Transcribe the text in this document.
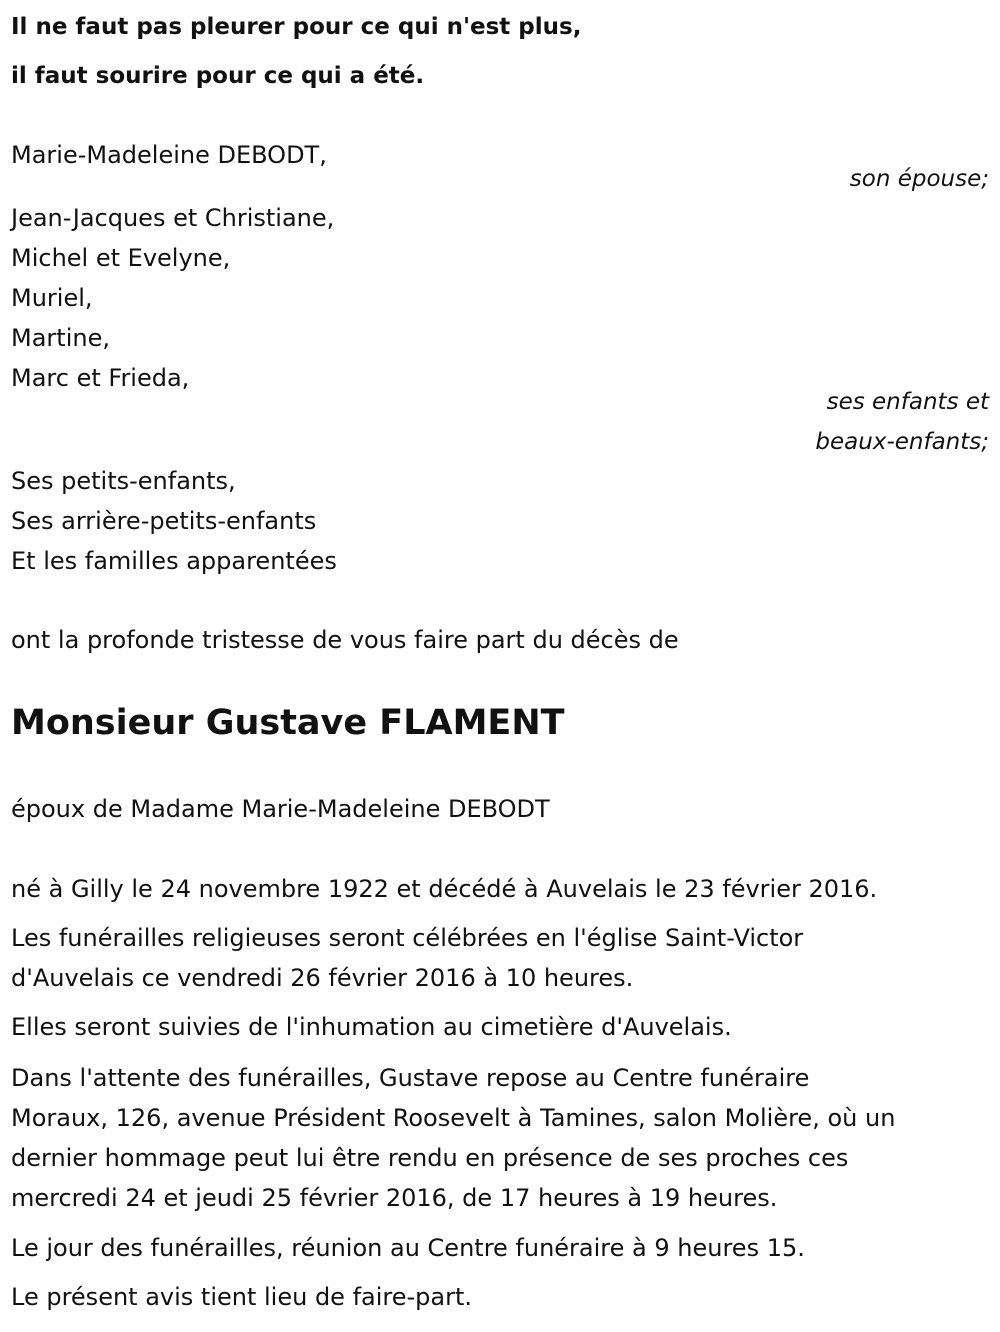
Il ne faut pas pleurer pour ce qui n'est plus,
il faut sourire pour ce qui a été.
Marie-Madeleine DEBODT,
son épouse;
Jean-Jacques et Christiane,
Michel et Evelyne,
Muriel,
Martine,
Marc et Frieda,
ses enfants et
beaux-enfants;
Ses petits-enfants,
Ses arrière-petits-enfants
Et les familles apparentées
ont la profonde tristesse de vous faire part du décès de
Monsieur Gustave FLAMENT
époux de Madame Marie-Madeleine DEBODT
né à Gilly le 24 novembre 1922 et décédé à Auvelais le 23 février 2016.
Les funérailles religieuses seront célébrées en l'église Saint-Victor
d'Auvelais ce vendredi 26 février 2016 à 10 heures.
Elles seront suivies de l'inhumation au cimetière d'Auvelais.
Dans l'attente des funérailles, Gustave repose au Centre funéraire
Moraux, 126, avenue Président Roosevelt à Tamines, salon Molière, où un
dernier hommage peut lui être rendu en présence de ses proches ces
mercredi 24 et jeudi 25 février 2016, de 17 heures à 19 heures.
Le jour des funérailles, réunion au Centre funéraire à 9 heures 15.
Le présent avis tient lieu de faire-part.
